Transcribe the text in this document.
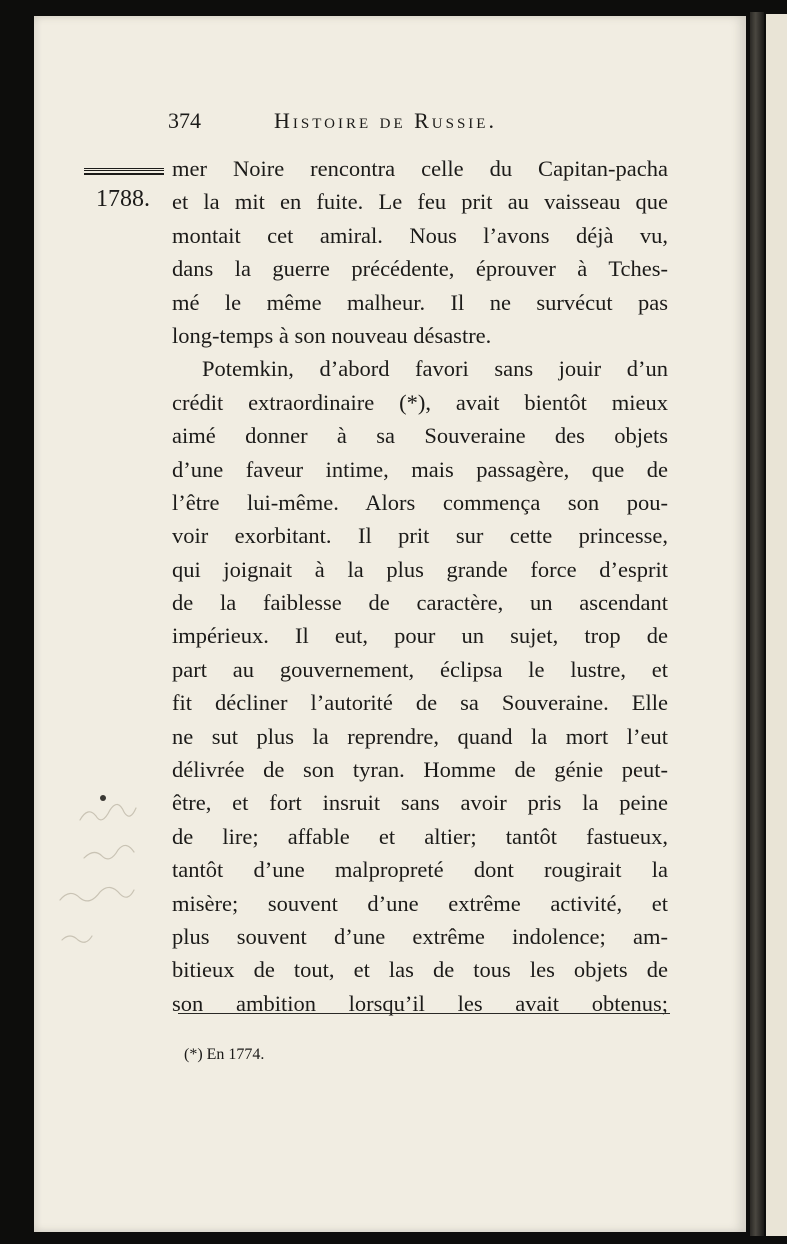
374	Histoire de Russie.
1788.
mer Noire rencontra celle du Capitan-pacha
et la mit en fuite. Le feu prit au vaisseau que
montait cet amiral. Nous l’avons déjà vu,
dans la guerre précédente, éprouver à Tches-
mé le même malheur. Il ne survécut pas
long-temps à son nouveau désastre.
Potemkin, d’abord favori sans jouir d’un
crédit extraordinaire (*), avait bientôt mieux
aimé donner à sa Souveraine des objets
d’une faveur intime, mais passagère, que de
l’être lui-même. Alors commença son pou-
voir exorbitant. Il prit sur cette princesse,
qui joignait à la plus grande force d’esprit
de la faiblesse de caractère, un ascendant
impérieux. Il eut, pour un sujet, trop de
part au gouvernement, éclipsa le lustre, et
fit décliner l’autorité de sa Souveraine. Elle
ne sut plus la reprendre, quand la mort l’eut
délivrée de son tyran. Homme de génie peut-
être, et fort insruit sans avoir pris la peine
de lire; affable et altier; tantôt fastueux,
tantôt d’une malpropreté dont rougirait la
misère; souvent d’une extrême activité, et
plus souvent d’une extrême indolence; am-
bitieux de tout, et las de tous les objets de
son ambition lorsqu’il les avait obtenus;
(*) En 1774.
